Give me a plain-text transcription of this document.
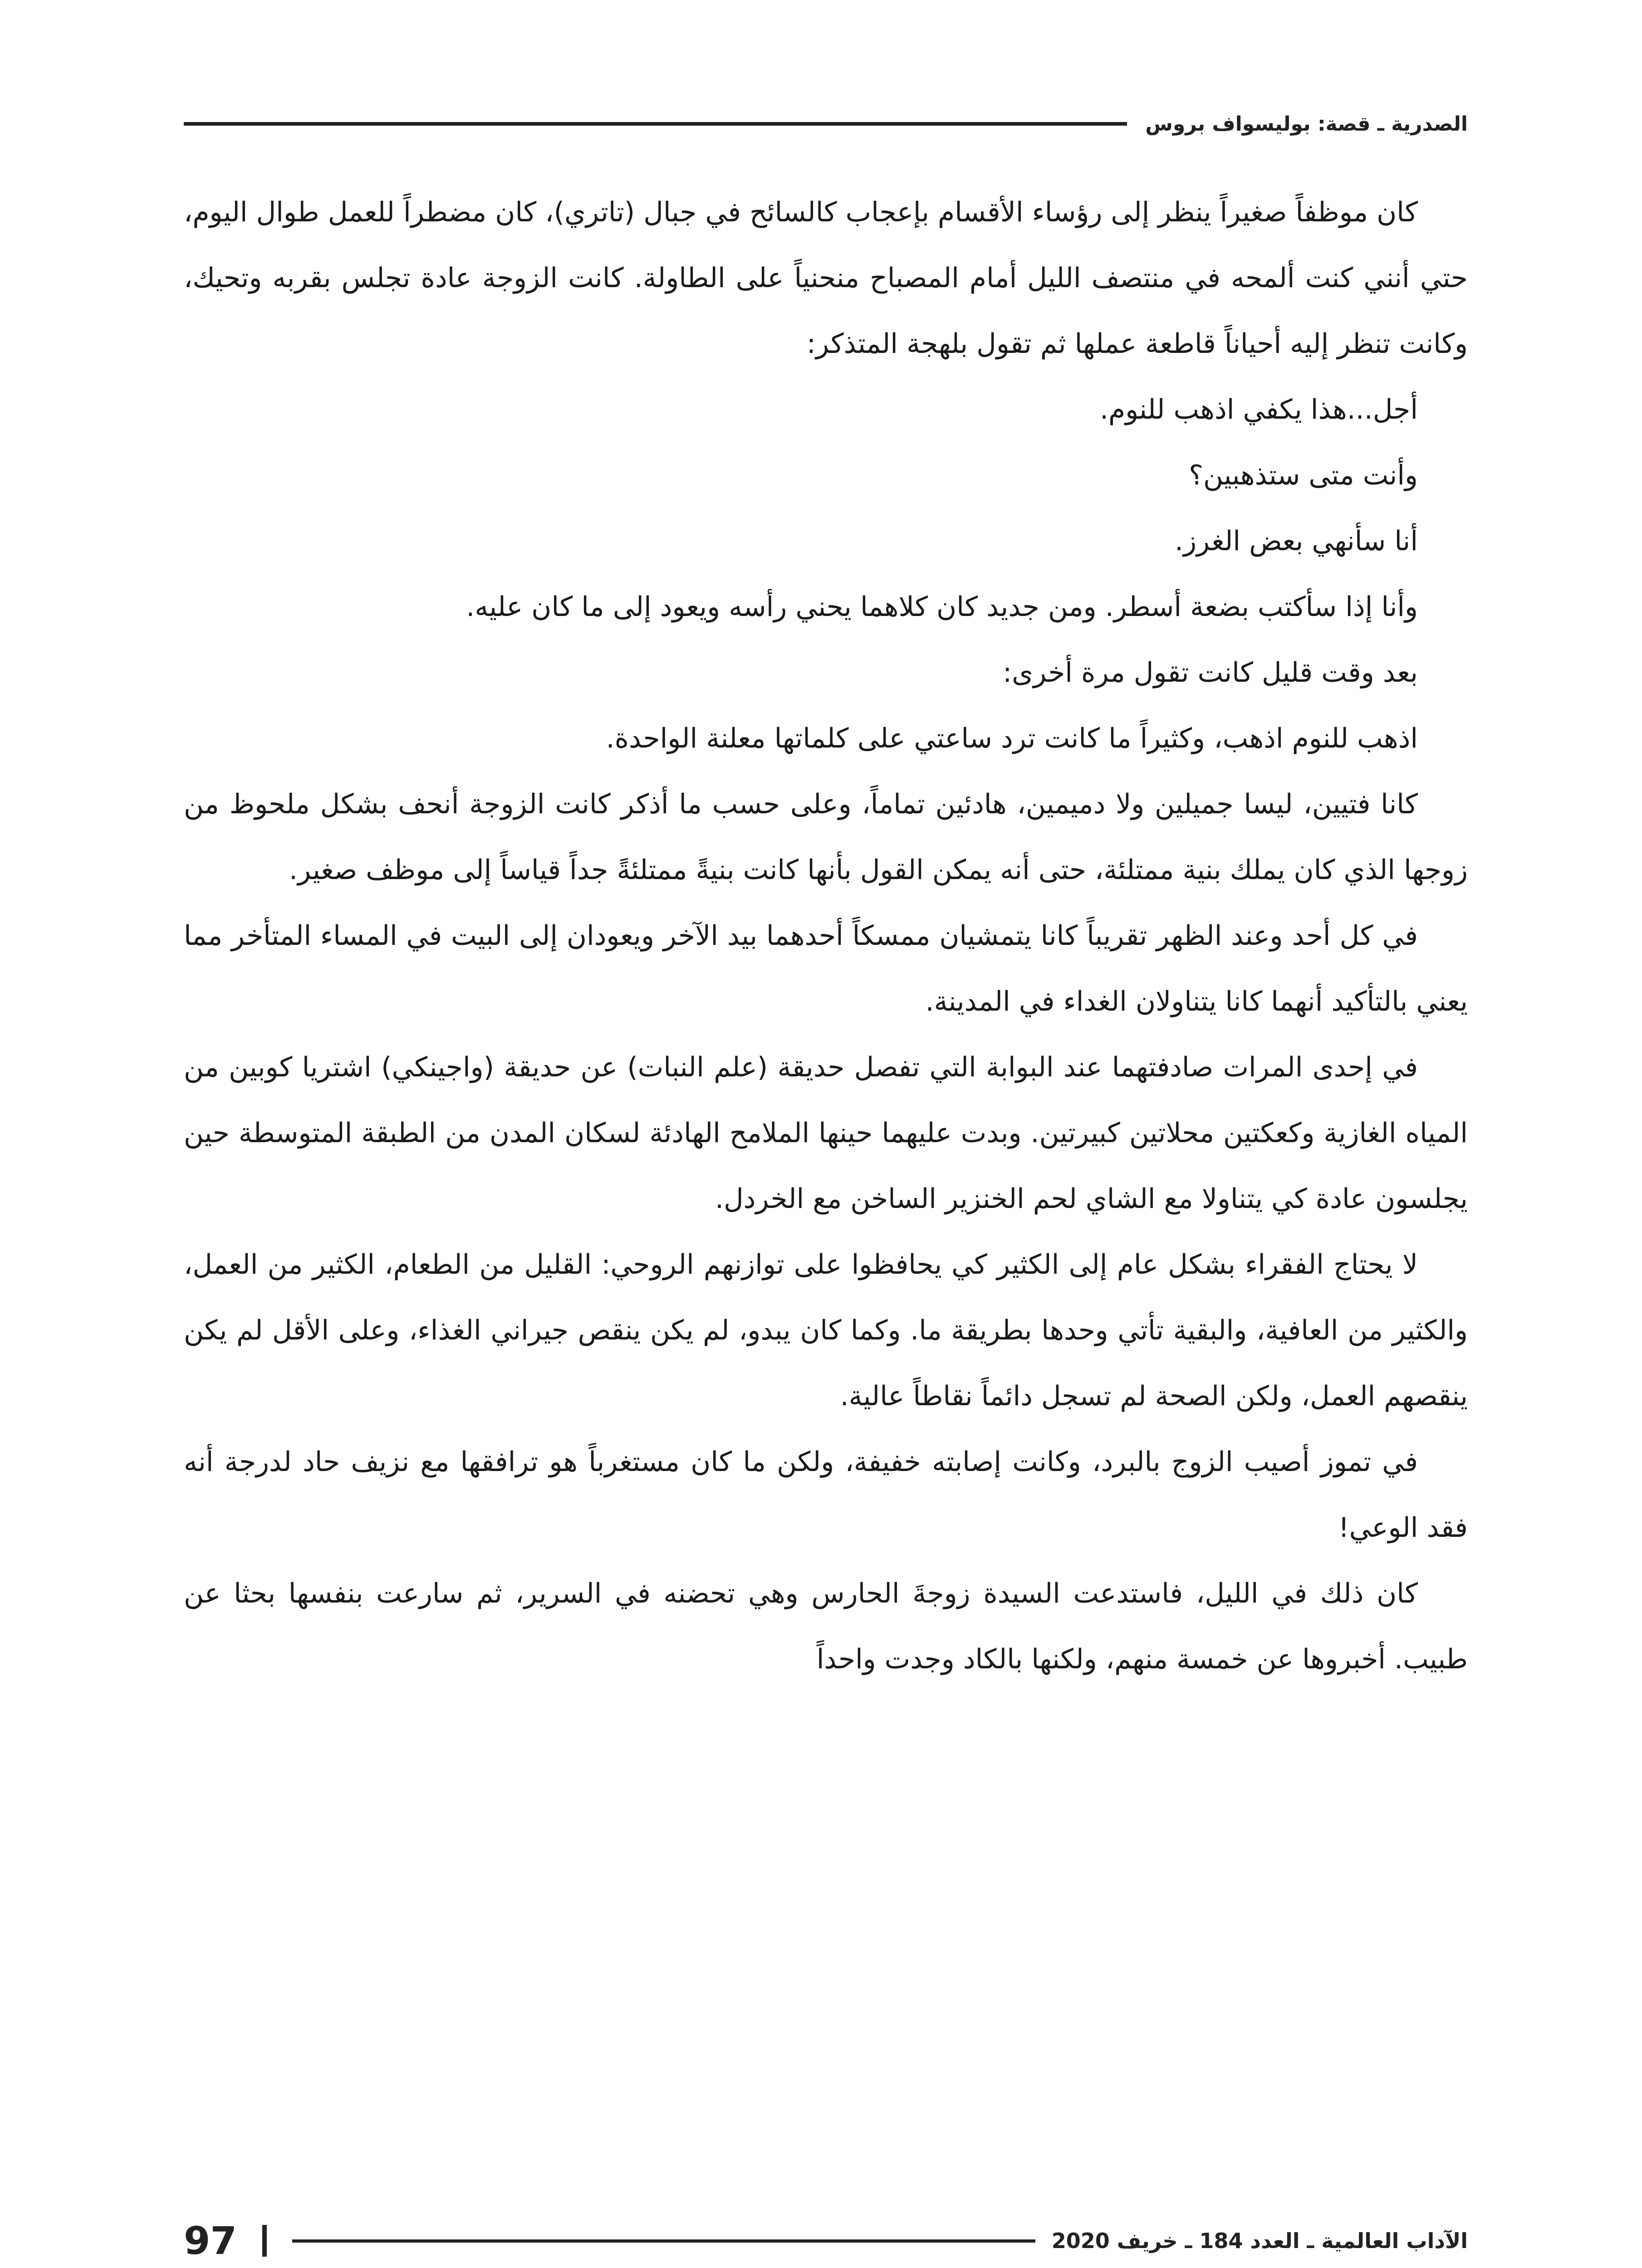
الصدرية ـ قصة: بوليسواف بروس

كان موظفاً صغيراً ينظر إلى رؤساء الأقسام بإعجاب كالسائح في جبال (تاتري)، كان مضطراً للعمل طوال اليوم، حتي أنني كنت ألمحه في منتصف الليل أمام المصباح منحنياً على الطاولة. كانت الزوجة عادة تجلس بقربه وتحيك، وكانت تنظر إليه أحياناً قاطعة عملها ثم تقول بلهجة المتذكر:

أجل...هذا يكفي اذهب للنوم.

وأنت متى ستذهبين؟

أنا سأنهي بعض الغرز.

وأنا إذا سأكتب بضعة أسطر. ومن جديد كان كلاهما يحني رأسه ويعود إلى ما كان عليه.

بعد وقت قليل كانت تقول مرة أخرى:

اذهب للنوم اذهب، وكثيراً ما كانت ترد ساعتي على كلماتها معلنة الواحدة.

كانا فتيين، ليسا جميلين ولا دميمين، هادئين تماماً، وعلى حسب ما أذكر كانت الزوجة أنحف بشكل ملحوظ من زوجها الذي كان يملك بنية ممتلئة، حتى أنه يمكن القول بأنها كانت بنيةً ممتلئةً جداً قياساً إلى موظف صغير.

في كل أحد وعند الظهر تقريباً كانا يتمشيان ممسكاً أحدهما بيد الآخر ويعودان إلى البيت في المساء المتأخر مما يعني بالتأكيد أنهما كانا يتناولان الغداء في المدينة.

في إحدى المرات صادفتهما عند البوابة التي تفصل حديقة (علم النبات) عن حديقة (واجينكي) اشتريا كوبين من المياه الغازية وكعكتين محلاتين كبيرتين. وبدت عليهما حينها الملامح الهادئة لسكان المدن من الطبقة المتوسطة حين يجلسون عادة كي يتناولا مع الشاي لحم الخنزير الساخن مع الخردل.

لا يحتاج الفقراء بشكل عام إلى الكثير كي يحافظوا على توازنهم الروحي: القليل من الطعام، الكثير من العمل، والكثير من العافية، والبقية تأتي وحدها بطريقة ما. وكما كان يبدو، لم يكن ينقص جيراني الغذاء، وعلى الأقل لم يكن ينقصهم العمل، ولكن الصحة لم تسجل دائماً نقاطاً عالية.

في تموز أصيب الزوج بالبرد، وكانت إصابته خفيفة، ولكن ما كان مستغرباً هو ترافقها مع نزيف حاد لدرجة أنه فقد الوعي!

كان ذلك في الليل، فاستدعت السيدة زوجةَ الحارس وهي تحضنه في السرير، ثم سارعت بنفسها بحثا عن طبيب. أخبروها عن خمسة منهم، ولكنها بالكاد وجدت واحداً

الآداب العالمية ـ العدد 184 ـ خريف 2020
97
